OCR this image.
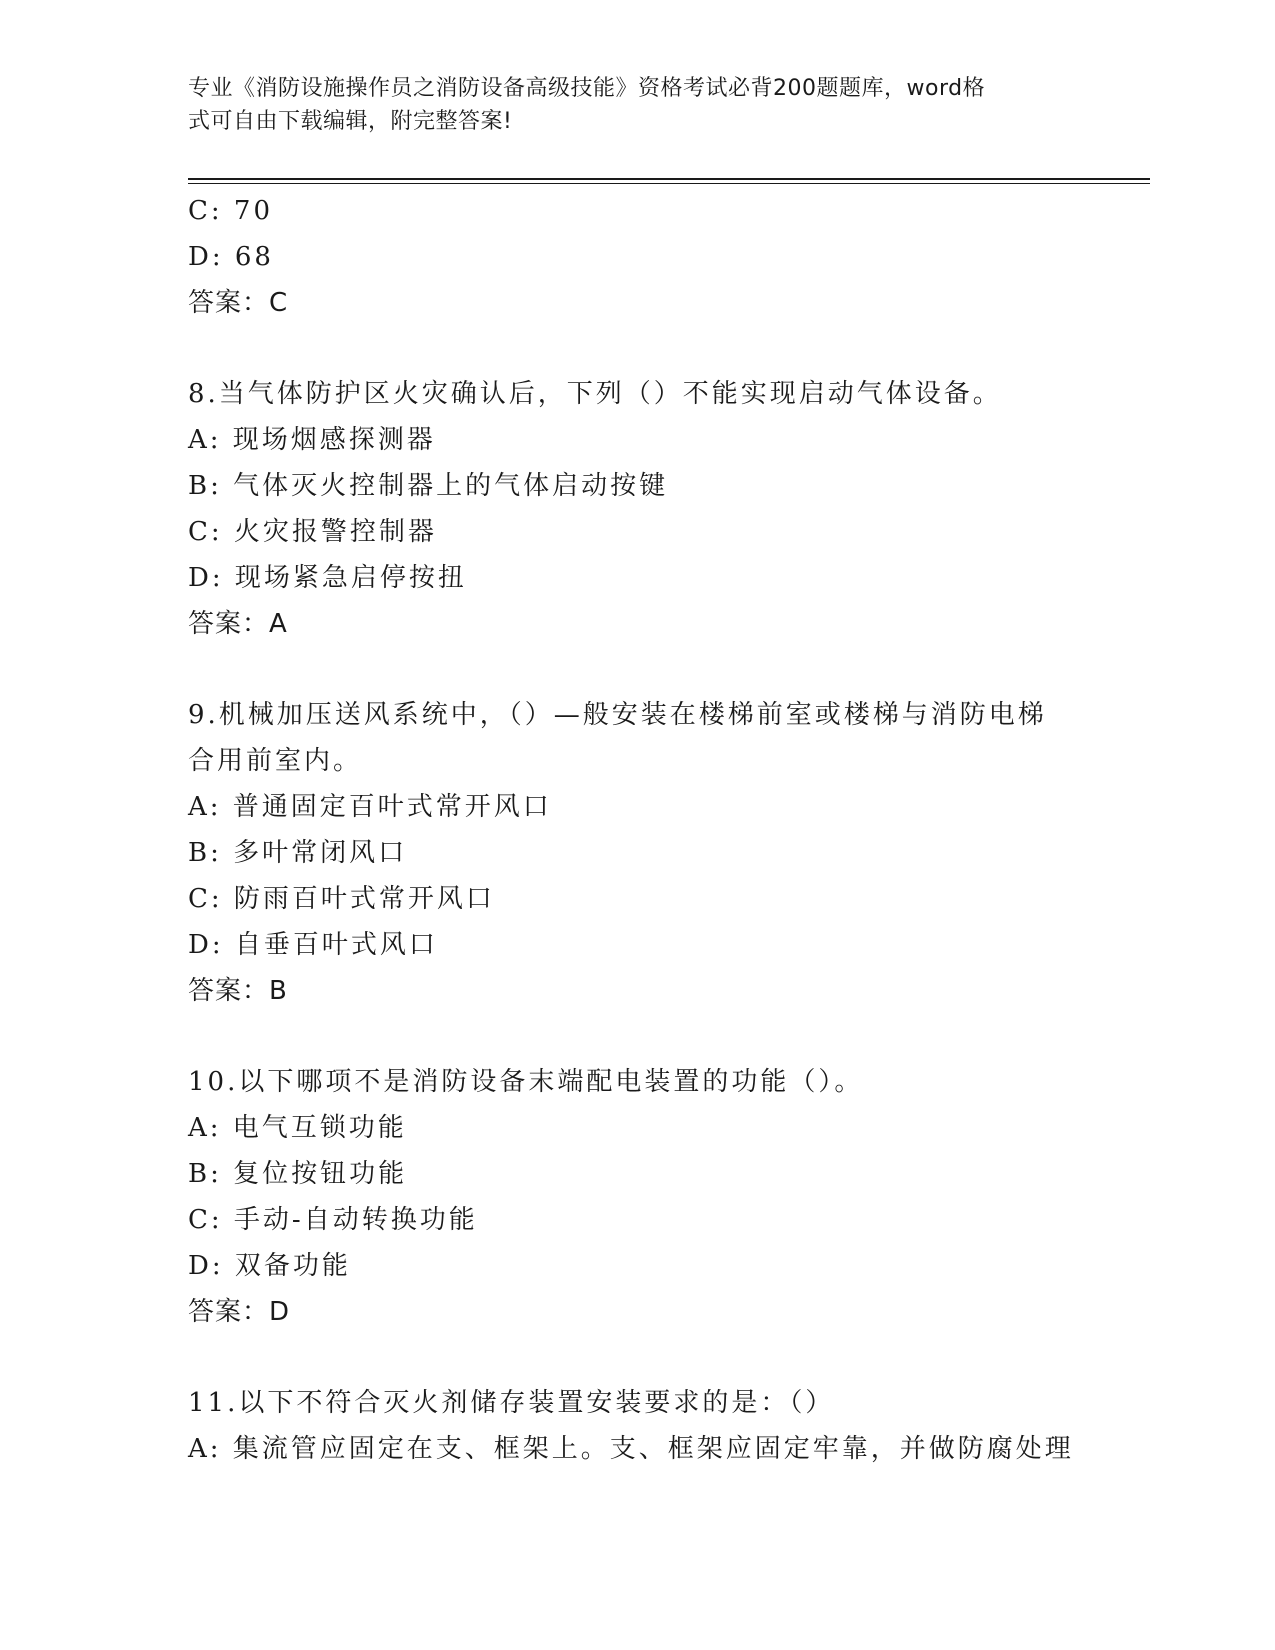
专业《消防设施操作员之消防设备高级技能》资格考试必背200题题库，word格
式可自由下载编辑，附完整答案!

C: 70

D: 68

答案：C

8.当气体防护区火灾确认后，下列（）不能实现启动气体设备。

A: 现场烟感探测器

B: 气体灭火控制器上的气体启动按键

C: 火灾报警控制器

D: 现场紧急启停按扭

答案：A

9.机械加压送风系统中，（）—般安装在楼梯前室或楼梯与消防电梯

合用前室内。

A: 普通固定百叶式常开风口

B: 多叶常闭风口

C: 防雨百叶式常开风口

D: 自垂百叶式风口

答案：B

10.以下哪项不是消防设备末端配电装置的功能（）。

A: 电气互锁功能

B: 复位按钮功能

C: 手动-自动转换功能

D: 双备功能

答案：D

11.以下不符合灭火剂储存装置安装要求的是：（）

A: 集流管应固定在支、框架上。支、框架应固定牢靠，并做防腐处理
